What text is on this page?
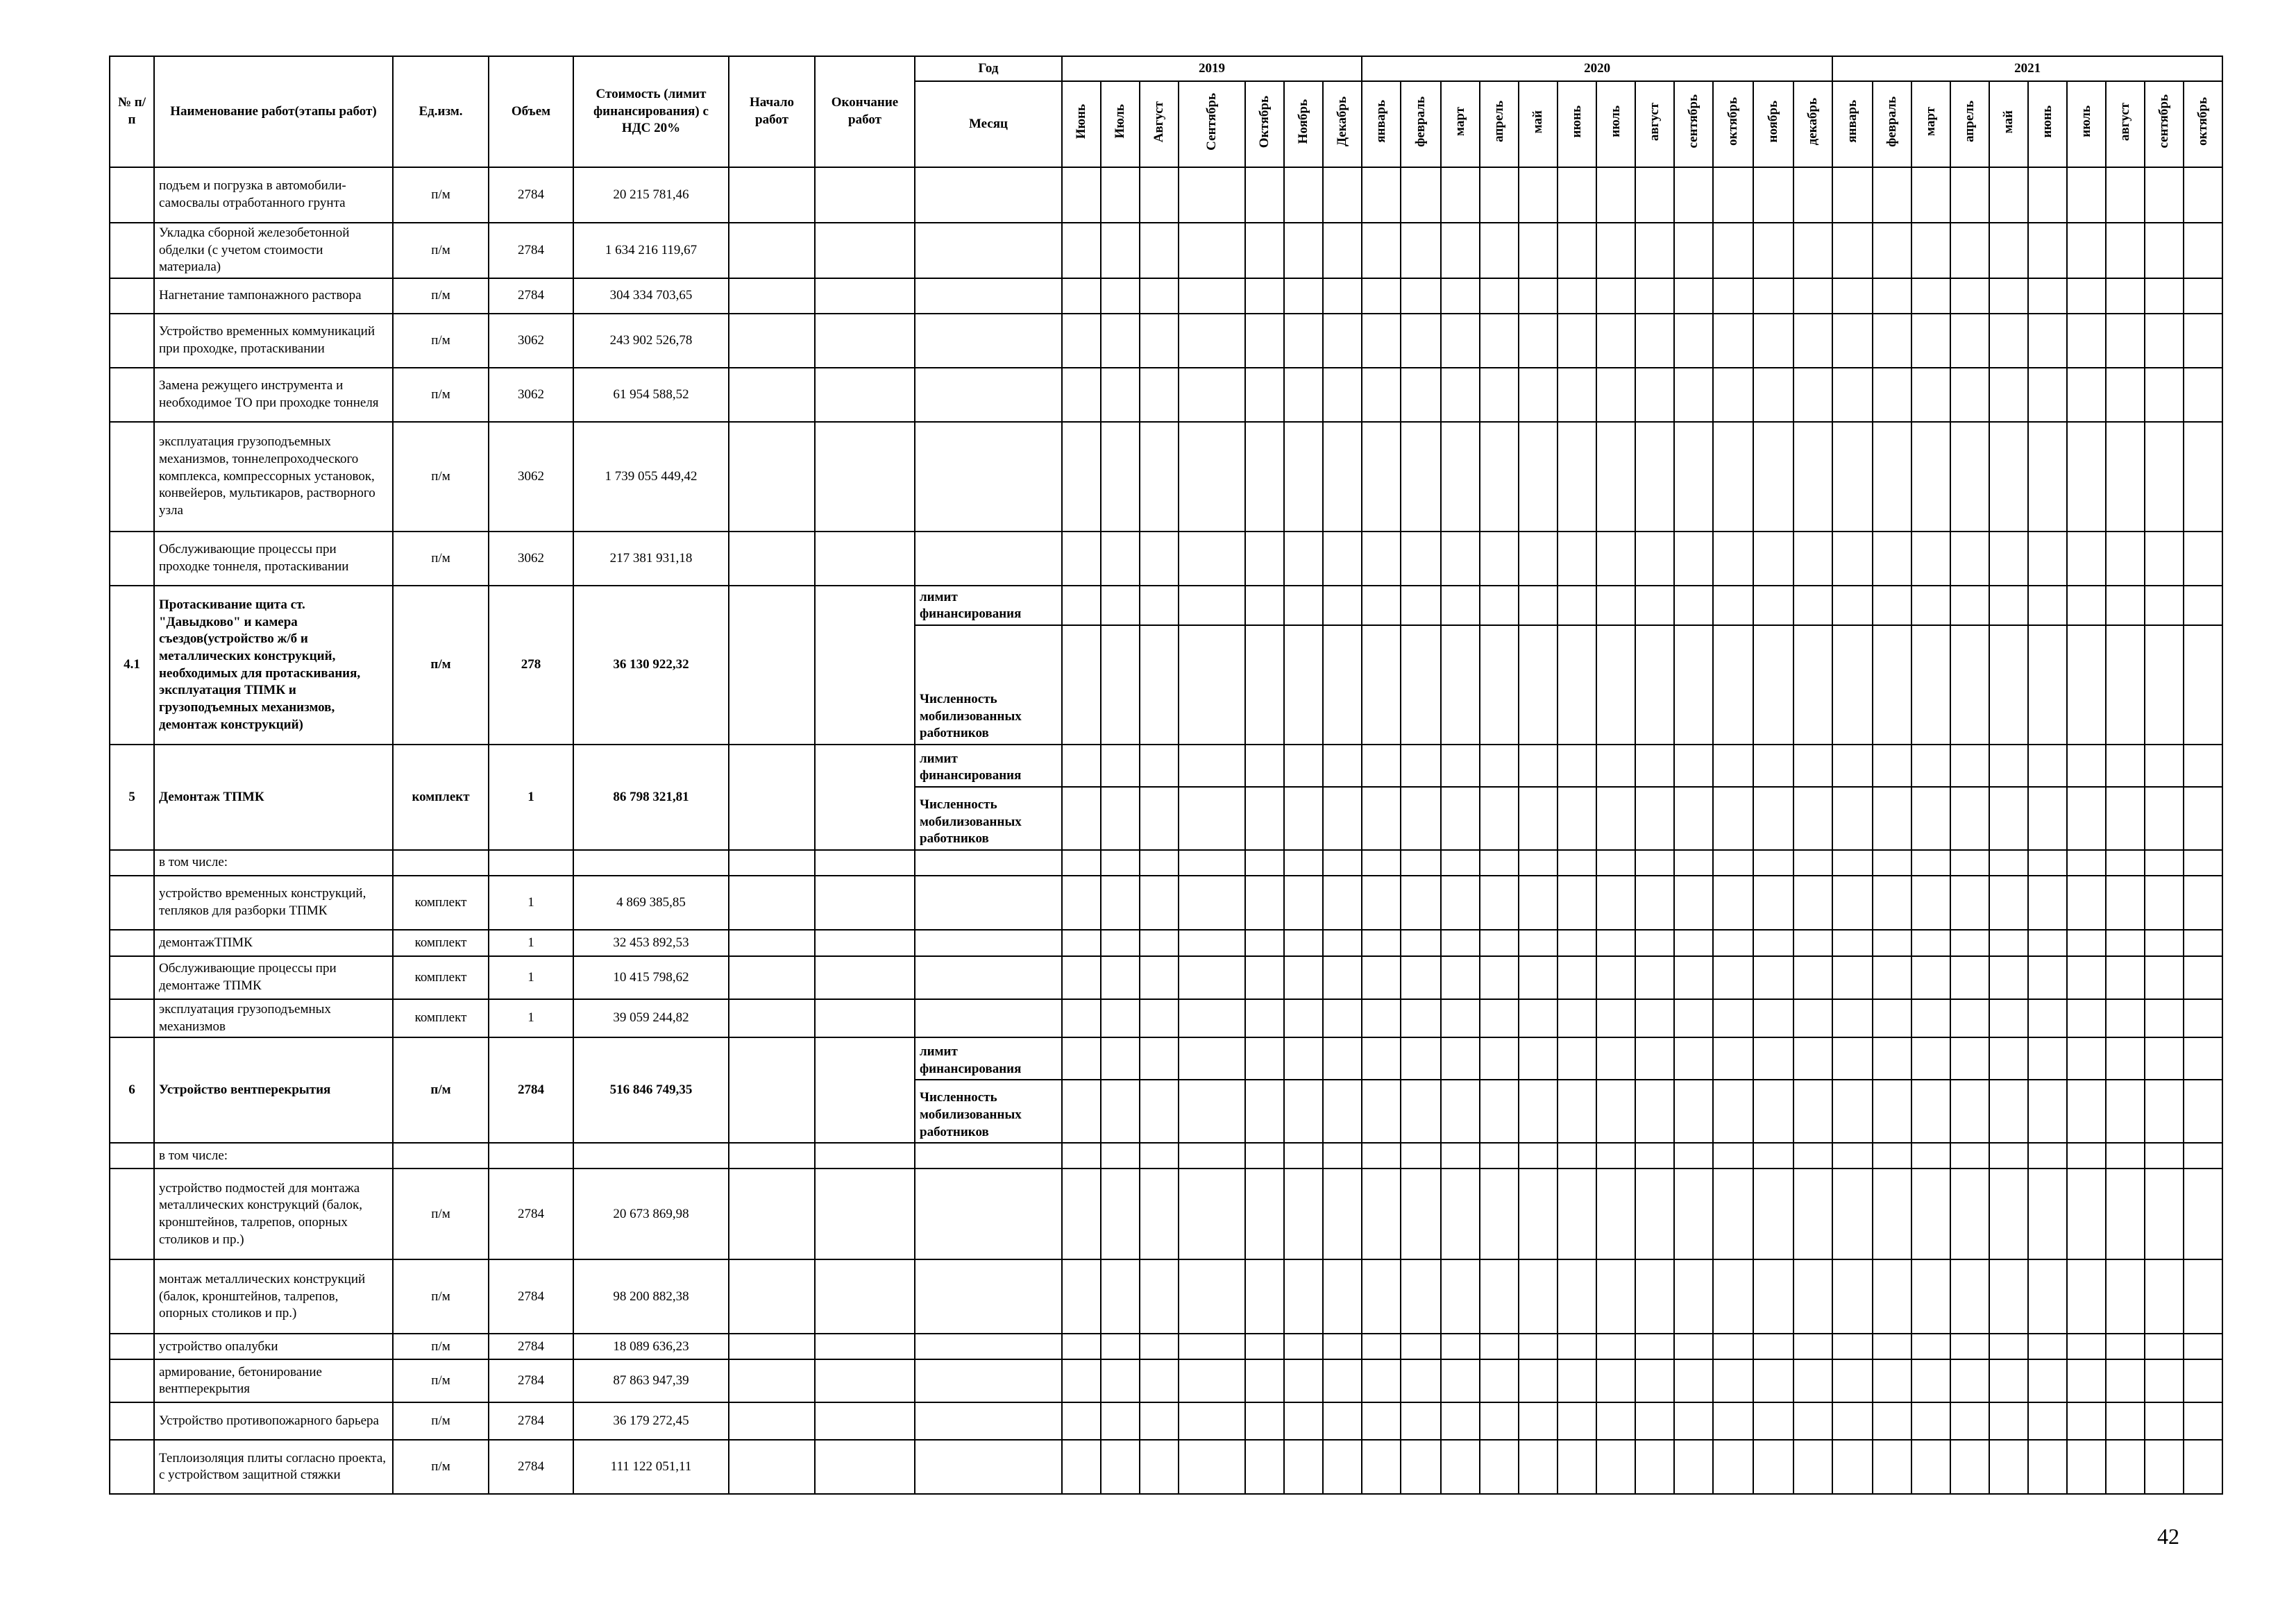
№ п/п	Наименование работ(этапы работ)	Ед.изм.	Объем	Стоимость (лимит финансирования) с НДС 20%	Начало работ	Окончание работ	Год	2019							2020												2021									
							Месяц	Июнь	Июль	Август	Сентябрь	Октябрь	Ноябрь	Декабрь	январь	февраль	март	апрель	май	июнь	июль	август	сентябрь	октябрь	ноябрь	декабрь	январь	февраль	март	апрель	май	июнь	июль	август	сентябрь	октябрь
	подъем и погрузка в автомобили-самосвалы отработанного грунта	п/м	2784	20 215 781,46																																
	Укладка сборной железобетонной обделки (с учетом стоимости материала)	п/м	2784	1 634 216 119,67																																
	Нагнетание тампонажного раствора	п/м	2784	304 334 703,65																																
	Устройство временных коммуникаций при проходке, протаскивании	п/м	3062	243 902 526,78																																
	Замена режущего инструмента и необходимое ТО при проходке тоннеля	п/м	3062	61 954 588,52																																
	эксплуатация грузоподъемных механизмов, тоннелепроходческого комплекса, компрессорных установок, конвейеров, мультикаров, растворного узла	п/м	3062	1 739 055 449,42																																
	Обслуживающие процессы при проходке тоннеля, протаскивании	п/м	3062	217 381 931,18																																
4.1	Протаскивание щита ст. "Давыдково" и камера съездов(устройство ж/б и металлических конструкций, необходимых для протаскивания, эксплуатация ТПМК и грузоподъемных механизмов, демонтаж конструкций)	п/м	278	36 130 922,32			лимит финансирования																													
							Численность мобилизованных работников																													
5	Демонтаж ТПМК	комплект	1	86 798 321,81			лимит финансирования																													
							Численность мобилизованных работников																													
	в том числе:																																			
	устройство временных конструкций, тепляков для разборки ТПМК	комплект	1	4 869 385,85																																
	демонтажТПМК	комплект	1	32 453 892,53																																
	Обслуживающие процессы при демонтаже ТПМК	комплект	1	10 415 798,62																																
	эксплуатация грузоподъемных механизмов	комплект	1	39 059 244,82																																
6	Устройство вентперекрытия	п/м	2784	516 846 749,35			лимит финансирования																													
							Численность мобилизованных работников																													
	в том числе:																																			
	устройство подмостей для монтажа металлических конструкций (балок, кронштейнов, талрепов, опорных столиков и пр.)	п/м	2784	20 673 869,98																																
	монтаж металлических конструкций (балок, кронштейнов, талрепов, опорных столиков и пр.)	п/м	2784	98 200 882,38																																
	устройство опалубки	п/м	2784	18 089 636,23																																
	армирование, бетонирование вентперекрытия	п/м	2784	87 863 947,39																																
	Устройство противопожарного барьера	п/м	2784	36 179 272,45																																
	Теплоизоляция плиты согласно проекта, с устройством защитной стяжки	п/м	2784	111 122 051,11																																
42
